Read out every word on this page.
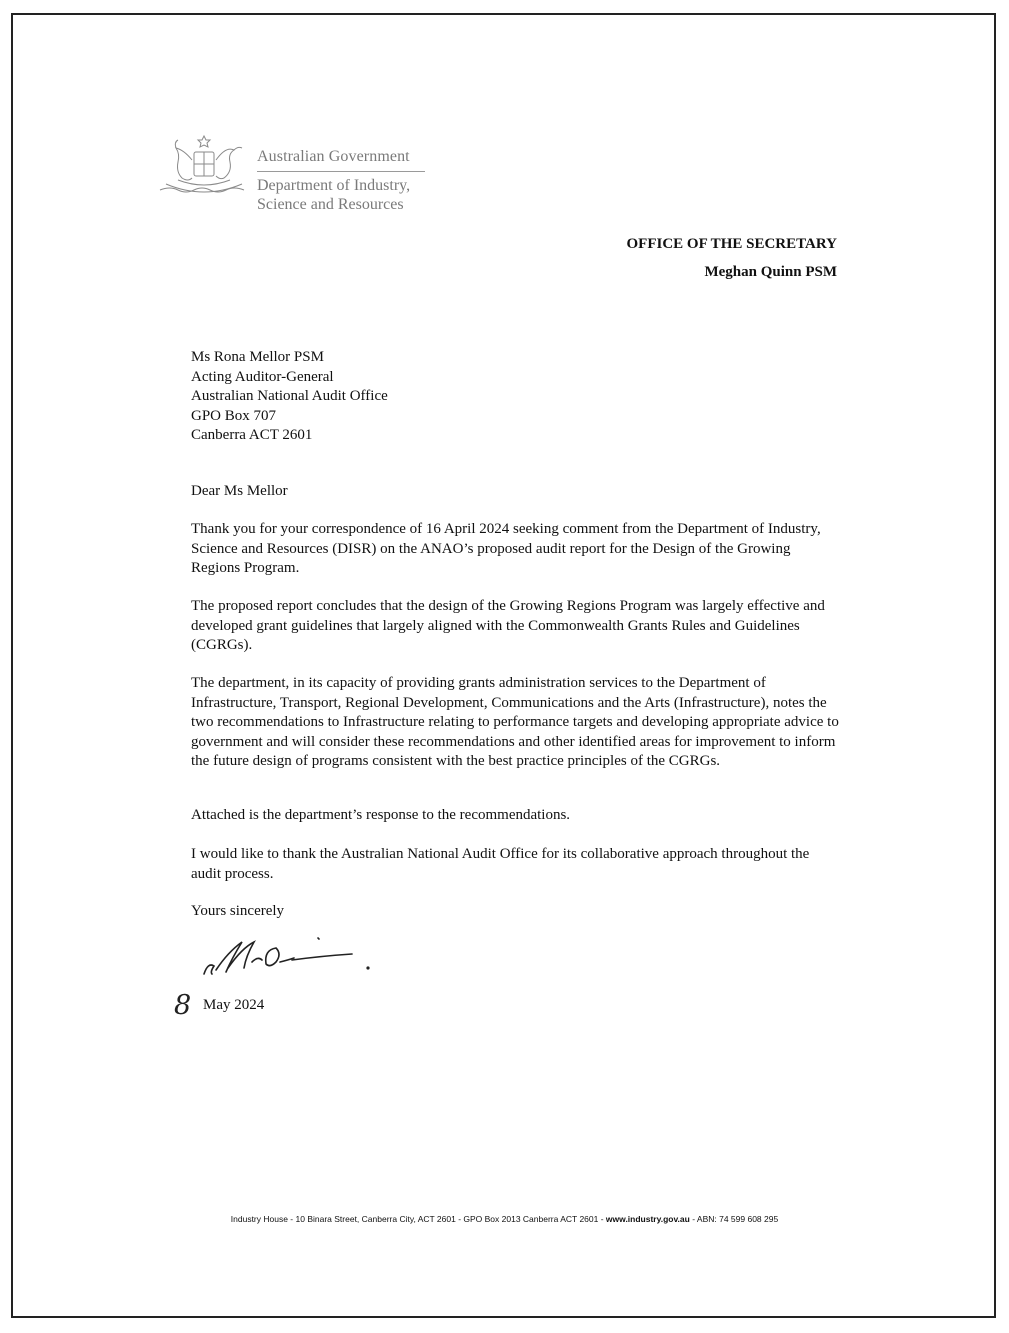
Australian Government
Department of Industry, Science and Resources
OFFICE OF THE SECRETARY
Meghan Quinn PSM
Ms Rona Mellor PSM
Acting Auditor-General
Australian National Audit Office
GPO Box 707
Canberra ACT 2601

Dear Ms Mellor

Thank you for your correspondence of 16 April 2024 seeking comment from the Department of Industry, Science and Resources (DISR) on the ANAO’s proposed audit report for the Design of the Growing Regions Program.

The proposed report concludes that the design of the Growing Regions Program was largely effective and developed grant guidelines that largely aligned with the Commonwealth Grants Rules and Guidelines (CGRGs).

The department, in its capacity of providing grants administration services to the Department of Infrastructure, Transport, Regional Development, Communications and the Arts (Infrastructure), notes the two recommendations to Infrastructure relating to performance targets and developing appropriate advice to government and will consider these recommendations and other identified areas for improvement to inform the future design of programs consistent with the best practice principles of the CGRGs.

Attached is the department’s response to the recommendations.

I would like to thank the Australian National Audit Office for its collaborative approach throughout the audit process.

Yours sincerely

8 May 2024
Industry House - 10 Binara Street, Canberra City, ACT 2601 - GPO Box 2013 Canberra ACT 2601 - www.industry.gov.au - ABN: 74 599 608 295
